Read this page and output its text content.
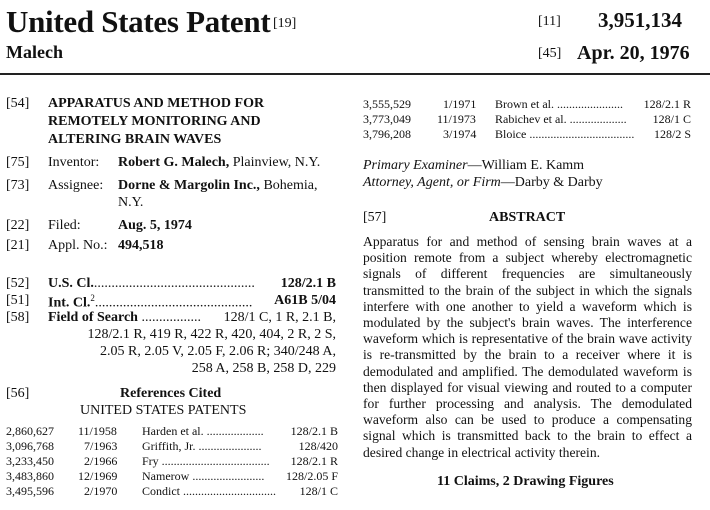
United States Patent [19]
Malech
[11] 3,951,134
[45] Apr. 20, 1976
[54] APPARATUS AND METHOD FOR
REMOTELY MONITORING AND
ALTERING BRAIN WAVES
[75] Inventor: Robert G. Malech, Plainview, N.Y.
[73] Assignee: Dorne & Margolin Inc., Bohemia,
N.Y.
[22] Filed:	Aug. 5, 1974
[21] Appl. No.: 494,518
[52] U.S. Cl............................................... 128/2.1 B
[51] Int. Cl.$^2$............................................. A61B 5/04
[58] Field of Search ................. 128/1 C, 1 R, 2.1 B,
128/2.1 R, 419 R, 422 R, 420, 404, 2 R, 2 S,
2.05 R, 2.05 V, 2.05 F, 2.06 R; 340/248 A,
258 A, 258 B, 258 D, 229
[56]	References Cited
UNITED STATES PATENTS
2,860,627 11/1958 Harden et al. ................... 128/2.1 B
3,096,768	7/1963 Griffith, Jr. .....................	128/420
3,233,450	2/1966 Fry .................................... 128/2.1 R
3,483,860 12/1969 Namerow ........................ 128/2.05 F
3,495,596	2/1970 Condict ............................... 128/1 C
3,555,529	1/1971 Brown et al. ...................... 128/2.1 R
3,773,049 11/1973 Rabichev et al. ................... 128/1 C
3,796,208	3/1974 Bloice ................................... 128/2 S
Primary Examiner—William E. Kamm
Attorney, Agent, or Firm—Darby & Darby
[57]	ABSTRACT

Apparatus for and method of sensing brain waves at a position remote from a subject whereby electromagnetic signals of different frequencies are simultaneously transmitted to the brain of the subject in which the signals interfere with one another to yield a waveform which is modulated by the subject's brain waves. The interference waveform which is representative of the brain wave activity is re-transmitted by the brain to a receiver where it is demodulated and amplified. The demodulated waveform is then displayed for visual viewing and routed to a computer for further processing and analysis. The demodulated waveform also can be used to produce a compensating signal which is transmitted back to the brain to effect a desired change in electrical activity therein.

11 Claims, 2 Drawing Figures
